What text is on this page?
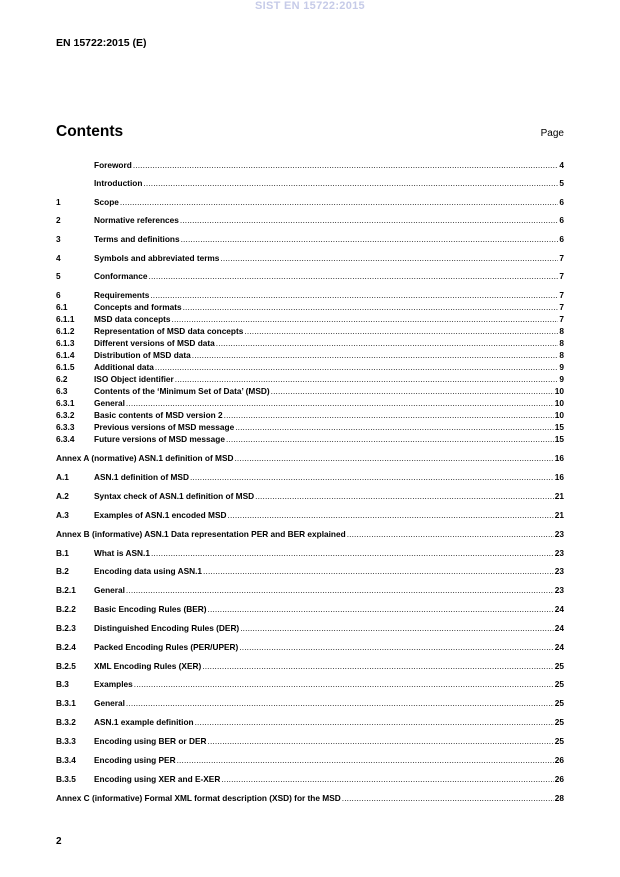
SIST EN 15722:2015
EN 15722:2015 (E)
Contents	Page
Foreword .....	4
Introduction .....	5
1	Scope .....	6
2	Normative references .....	6
3	Terms and definitions .....	6
4	Symbols and abbreviated terms .....	7
5	Conformance .....	7
6	Requirements .....	7
6.1	Concepts and formats .....	7
6.1.1	MSD data concepts .....	7
6.1.2	Representation of MSD data concepts .....	8
6.1.3	Different versions of MSD data .....	8
6.1.4	Distribution of MSD data .....	8
6.1.5	Additional data .....	9
6.2	ISO Object identifier .....	9
6.3	Contents of the ‘Minimum Set of Data’ (MSD) .....	10
6.3.1	General .....	10
6.3.2	Basic contents of MSD version 2 .....	10
6.3.3	Previous versions of MSD message .....	15
6.3.4	Future versions of MSD message .....	15
Annex A (normative) ASN.1 definition of MSD .....	16
A.1	ASN.1 definition of MSD .....	16
A.2	Syntax check of ASN.1 definition of MSD .....	21
A.3	Examples of ASN.1 encoded MSD .....	21
Annex B (informative) ASN.1 Data representation PER and BER explained .....	23
B.1	What is ASN.1 .....	23
B.2	Encoding data using ASN.1 .....	23
B.2.1	General .....	23
B.2.2	Basic Encoding Rules (BER) .....	24
B.2.3	Distinguished Encoding Rules (DER) .....	24
B.2.4	Packed Encoding Rules (PER/UPER) .....	24
B.2.5	XML Encoding Rules (XER) .....	25
B.3	Examples .....	25
B.3.1	General .....	25
B.3.2	ASN.1 example definition .....	25
B.3.3	Encoding using BER or DER .....	25
B.3.4	Encoding using PER .....	26
B.3.5	Encoding using XER and E-XER .....	26
Annex C (informative) Formal XML format description (XSD) for the MSD .....	28
2
